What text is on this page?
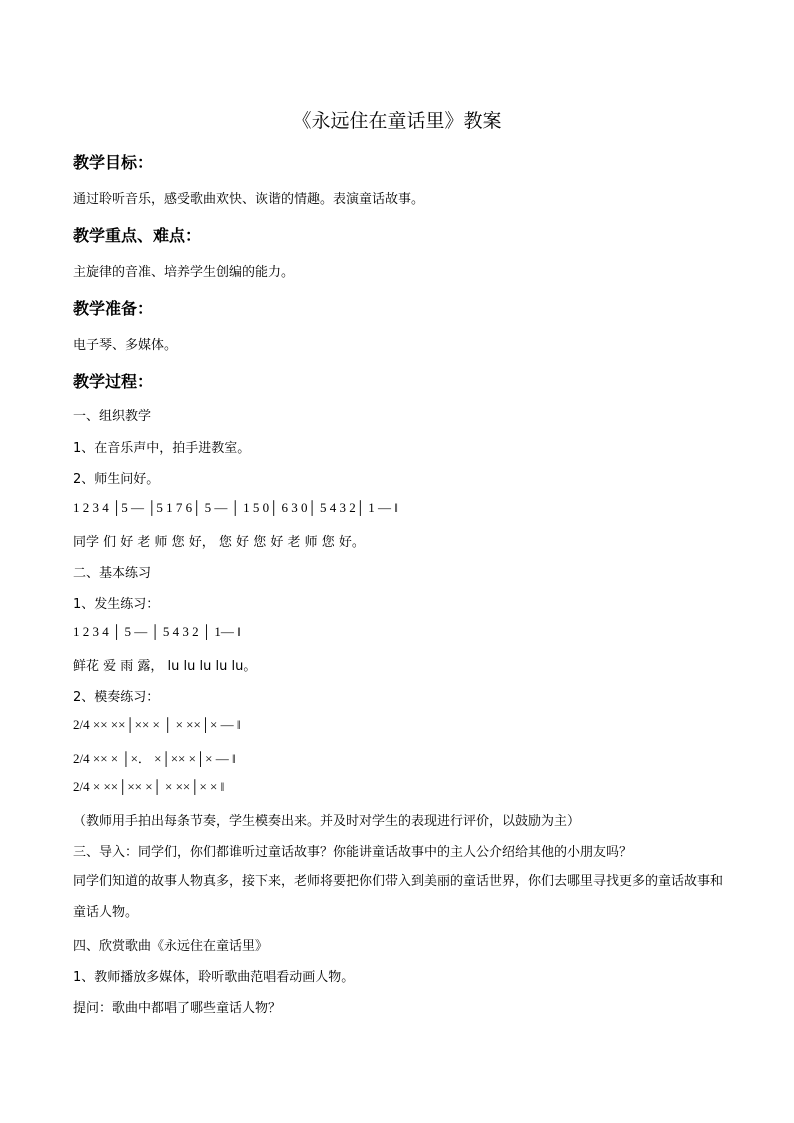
《永远住在童话里》教案
教学目标：
通过聆听音乐，感受歌曲欢快、诙谐的情趣。表演童话故事。
教学重点、难点：
主旋律的音准、培养学生创编的能力。
教学准备：
电子琴、多媒体。
教学过程：
一、组织教学
1、在音乐声中，拍手进教室。
2、师生问好。
1 2 3 4 │5 — │5 1 7 6│ 5 — │ 1 5 0│ 6 3 0│ 5 4 3 2│ 1 — ‖
同学 们 好 老 师 您 好， 您 好 您 好 老 师 您 好。
二、基本练习
1、发生练习：
1 2 3 4 │ 5 — │ 5 4 3 2 │ 1— ‖
鲜花 爱 雨 露， lu lu lu lu lu。
2、模奏练习：
2/4 ×× ××│×× × │ × ××│× — ‖
2/4 ×× × │×． ×│×× ×│× — ‖
2/4 × ××│×× ×│ × ××│× × ‖
（教师用手拍出每条节奏，学生模奏出来。并及时对学生的表现进行评价，以鼓励为主）
三、导入：同学们，你们都谁听过童话故事？你能讲童话故事中的主人公介绍给其他的小朋友吗？
同学们知道的故事人物真多，接下来，老师将要把你们带入到美丽的童话世界，你们去哪里寻找更多的童话故事和童话人物。
四、欣赏歌曲《永远住在童话里》
1、教师播放多媒体，聆听歌曲范唱看动画人物。
提问：歌曲中都唱了哪些童话人物？
